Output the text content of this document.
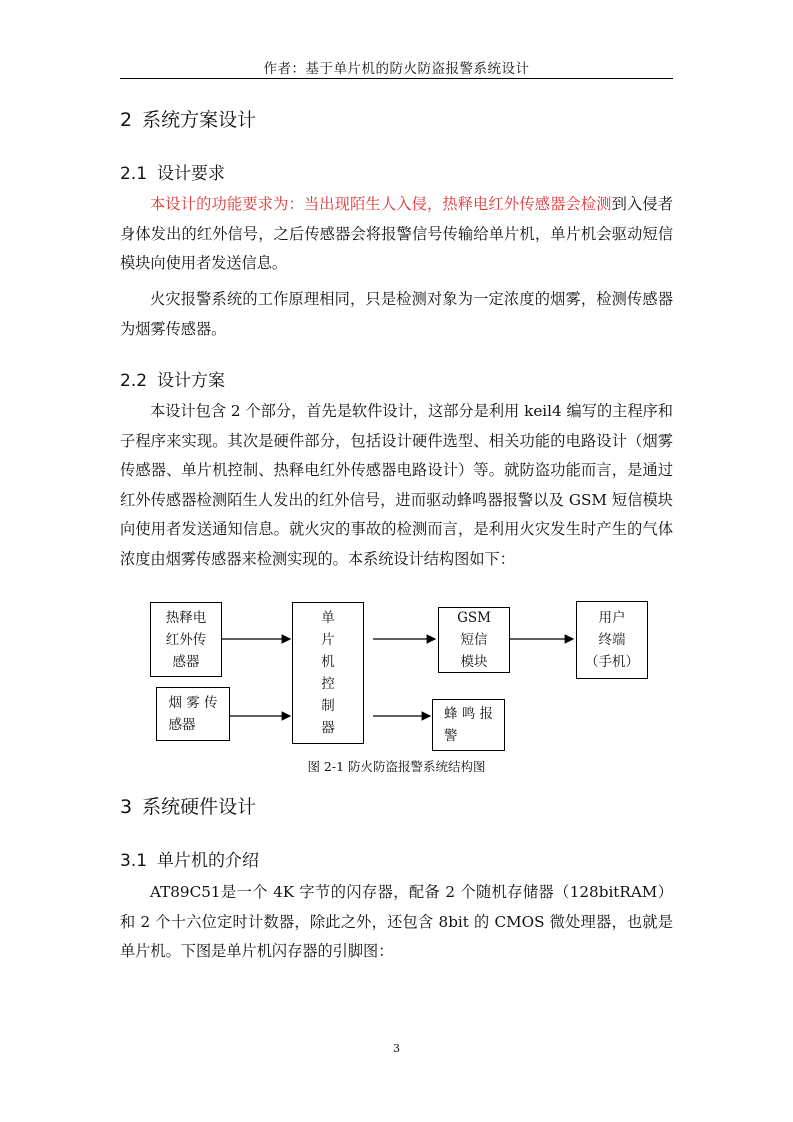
作者：基于单片机的防火防盗报警系统设计
2 系统方案设计
2.1 设计要求
本设计的功能要求为：当出现陌生人入侵，热释电红外传感器会检测到入侵者身体发出的红外信号，之后传感器会将报警信号传输给单片机，单片机会驱动短信模块向使用者发送信息。
火灾报警系统的工作原理相同，只是检测对象为一定浓度的烟雾，检测传感器为烟雾传感器。
2.2 设计方案
本设计包含 2 个部分，首先是软件设计，这部分是利用 keil4 编写的主程序和子程序来实现。其次是硬件部分，包括设计硬件选型、相关功能的电路设计（烟雾传感器、单片机控制、热释电红外传感器电路设计）等。就防盗功能而言，是通过红外传感器检测陌生人发出的红外信号，进而驱动蜂鸣器报警以及 GSM 短信模块向使用者发送通知信息。就火灾的事故的检测而言，是利用火灾发生时产生的气体浓度由烟雾传感器来检测实现的。本系统设计结构图如下：
热释电
红外传
感器
烟 雾 传
感器
单
片
机
控
制
器
GSM
短信
模块
用户
终端
（手机）
蜂 鸣 报
警
图 2-1 防火防盗报警系统结构图
3 系统硬件设计
3.1 单片机的介绍
AT89C51是一个 4K 字节的闪存器，配备 2 个随机存储器（128bitRAM）和 2 个十六位定时计数器，除此之外，还包含 8bit 的 CMOS 微处理器，也就是单片机。下图是单片机闪存器的引脚图：
3
